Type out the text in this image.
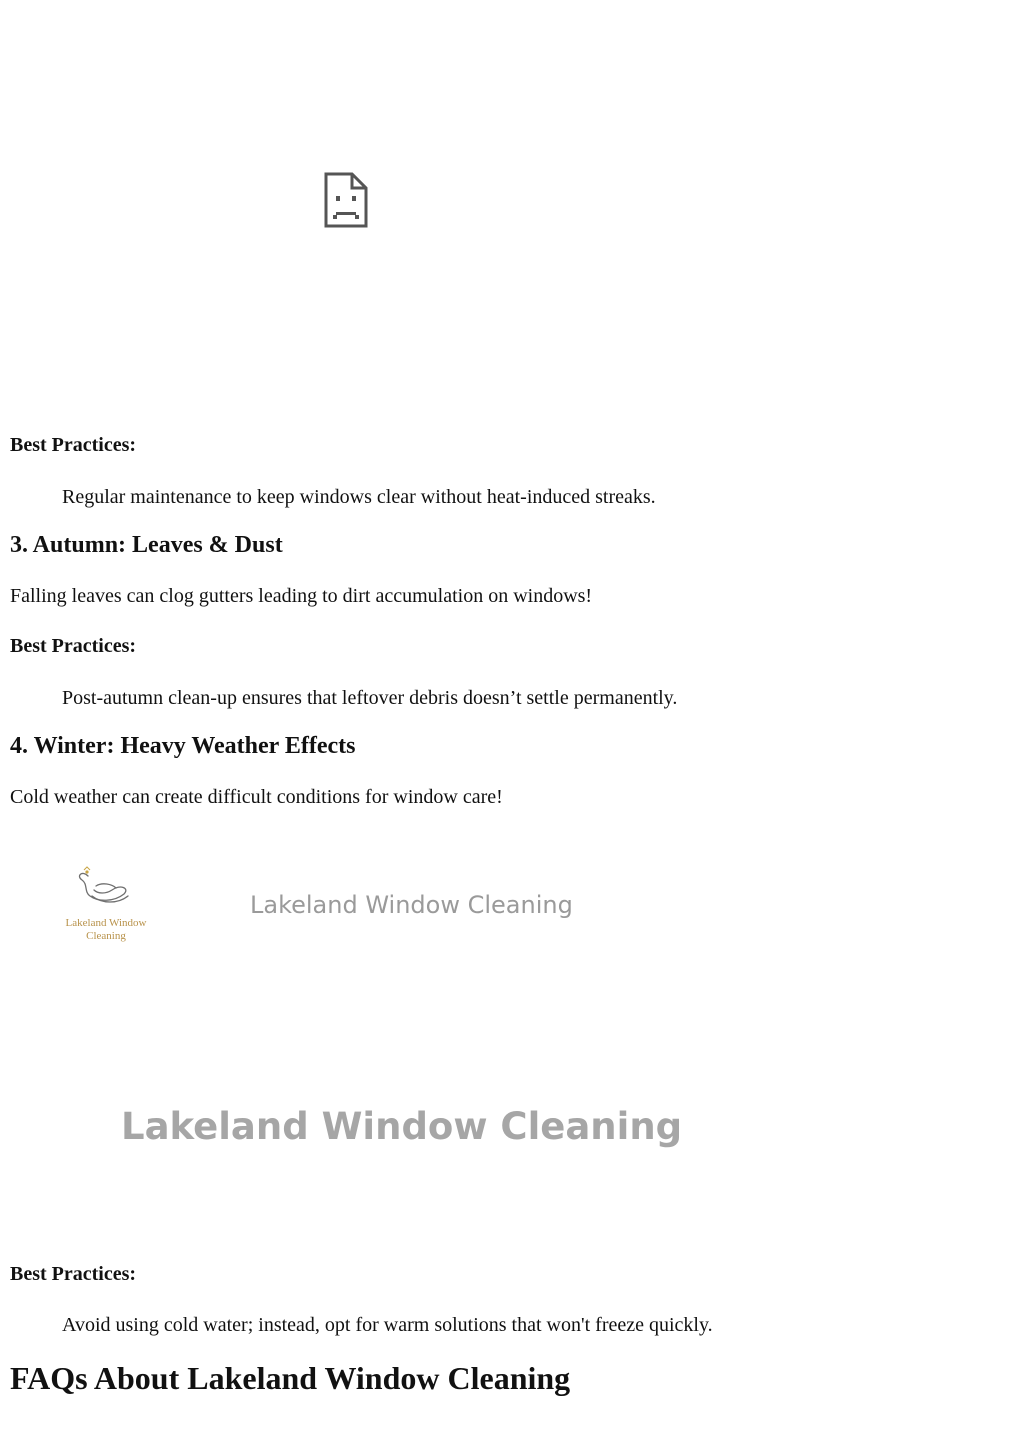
Best Practices:
Regular maintenance to keep windows clear without heat-induced streaks.
3. Autumn: Leaves & Dust
Falling leaves can clog gutters leading to dirt accumulation on windows!
Best Practices:
Post-autumn clean-up ensures that leftover debris doesn’t settle permanently.
4. Winter: Heavy Weather Effects
Cold weather can create difficult conditions for window care!
Lakeland Window
Cleaning
Lakeland Window Cleaning
Lakeland Window Cleaning
Best Practices:
Avoid using cold water; instead, opt for warm solutions that won't freeze quickly.
FAQs About Lakeland Window Cleaning
